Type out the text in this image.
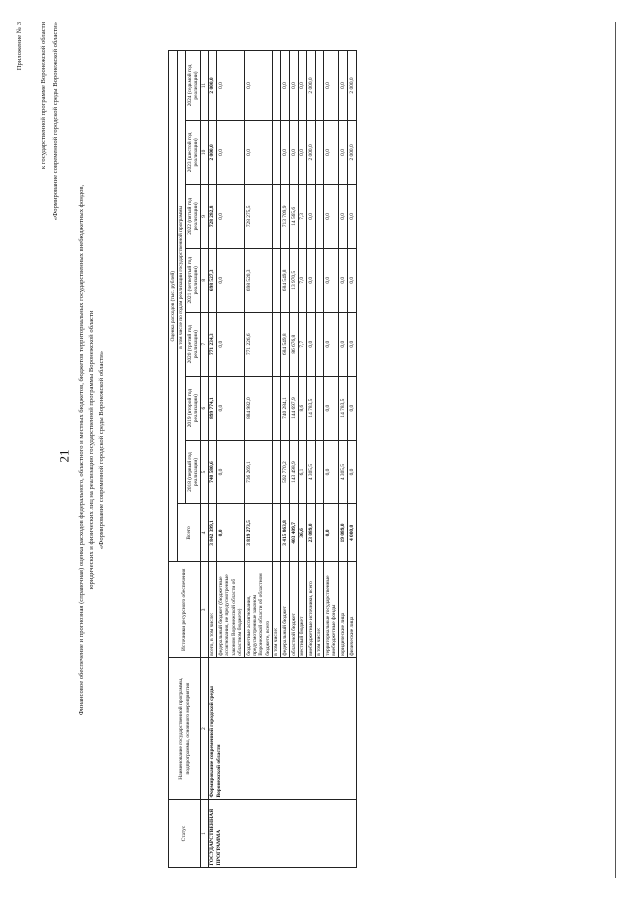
21
Приложение № 3	к государственной программе Воронежской области «Формирование современной городской среды Воронежской области»
Финансовое обеспечение и прогнозная (справочная) оценка расходов федерального, областного и местных бюджетов, бюджетов территориальных государственных внебюджетных фондов, юридических и физических лиц на реализацию государственной программы Воронежской области «Формирование современной городской среды Воронежской области»
Статус	Наименование государственной программы, подпрограммы, основного мероприятия	Источники ресурсного обеспечения	Оценка расходов (тыс. рублей)							
			Всего	в том числе по годам реализации государственной программы						
				2018 (первый год реализации)	2019 (второй год реализации)	2020 (третий год реализации)	2021 (четвертый год реализации)	2022 (пятый год реализации)	2023 (шестой год реализации)	2024 (седьмой год реализации)
1	2	3	4	5	6	7	8	9	10	11
ГОСУДАРСТВЕННАЯ ПРОГРАММА	Формирование современной городской среды Воронежской области	всего, в том числе:	3 842 399,1	740 580,6	899 774,1	771 234,3	698 527,3	728 282,8	2 000,0	2 000,0
		федеральный бюджет (бюджетные ассигнования, не предусмотренные законом Воронежской области об областном бюджете)	0,0	0,0	0,0	0,0	0,0	0,0	0,0	0,0
		бюджетные ассигнования, предусмотренные законом Воронежской области об областном бюджете, всего	3 819 273,5	736 269,1	884 982,0	771 226,6	698 520,3	728 275,5	0,0	0,0
		в том числе:								
		федеральный бюджет	3 415 863,8	592 770,2	740 284,1	684 549,8	684 549,8	713 709,9	0,0	0,0
		областной бюджет	403 409,7	143 498,9	144 697,9	86 676,8	13 970,5	14 565,6	0,0	0,0
		местный бюджет	36,6	6,1	8,6	7,7	7,0	7,3	0,0	0,0
		внебюджетные источники, всего	23 089,0	4 305,5	14 783,5	0,0	0,0	0,0	2 000,0	2 000,0
		в том числе:								
		территориальные государственные внебюджетные фонды	0,0	0,0	0,0	0,0	0,0	0,0	0,0	0,0
		юридические лица	19 089,0	4 305,5	14 783,5	0,0	0,0	0,0	0,0	0,0
		физические лица	4 000,0	0,0	0,0	0,0	0,0	0,0	2 000,0	2 000,0
